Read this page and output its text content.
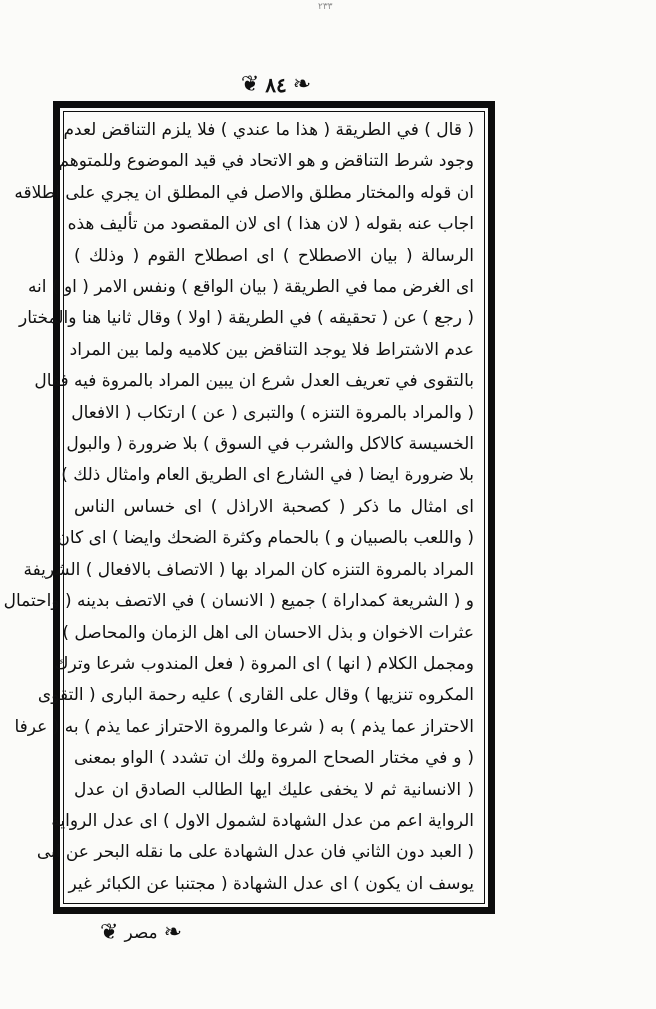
٢٣٣
❦ ٨٤ ❧
( قال ) في الطريقة ( هذا ما عندي ) فلا يلزم التناقض لعدم
وجود شرط التناقض و هو الاتحاد في قيد الموضوع وللمتوهم
ان قوله والمختار مطلق والاصل في المطلق ان يجري على اطلاقه
اجاب عنه بقوله ( لان هذا ) اى لان المقصود من تأليف هذه
الرسالة ( بيان الاصطلاح ) اى اصطلاح القوم ( وذلك )
اى الغرض مما في الطريقة ( بيان الواقع ) ونفس الامر ( او ) انه
( رجع ) عن ( تحقيقه ) في الطريقة ( اولا ) وقال ثانيا هنا والمختار
عدم الاشتراط فلا يوجد التناقض بين كلاميه ولما بين المراد
بالتقوى في تعريف العدل شرع ان يبين المراد بالمروة فيه فقال
( والمراد بالمروة التنزه ) والتبرى ( عن ) ارتكاب ( الافعال
الخسيسة كالاكل والشرب في السوق ) بلا ضرورة ( والبول )
بلا ضرورة ايضا ( في الشارع اى الطريق العام وامثال ذلك )
اى امثال ما ذكر ( كصحبة الاراذل ) اى خساس الناس
( واللعب بالصبيان و ) بالحمام وكثرة الضحك وايضا ) اى كان
المراد بالمروة التنزه كان المراد بها ( الاتصاف بالافعال ) الشريفة
و ( الشريعة كمداراة ) جميع ( الانسان ) في الاتصف بدينه ( واحتمال
عثرات الاخوان و بذل الاحسان الى اهل الزمان والمحاصل )
ومجمل الكلام ( انها ) اى المروة ( فعل المندوب شرعا وترك
المكروه تنزيها ) وقال على القارى ) عليه رحمة البارى ( التقوى
الاحتراز عما يذم ) به ( شرعا والمروة الاحتراز عما يذم ) به ( عرفا
( و في مختار الصحاح المروة ولك ان تشدد ) الواو بمعنى
( الانسانية ثم لا يخفى عليك ايها الطالب الصادق ان عدل
الرواية اعم من عدل الشهادة لشمول الاول ) اى عدل الرواية
( العبد دون الثاني فان عدل الشهادة على ما نقله البحر عن ابى
يوسف ان يكون ) اى عدل الشهادة ( مجتنبا عن الكبائر غير
❦ مصر ❧
